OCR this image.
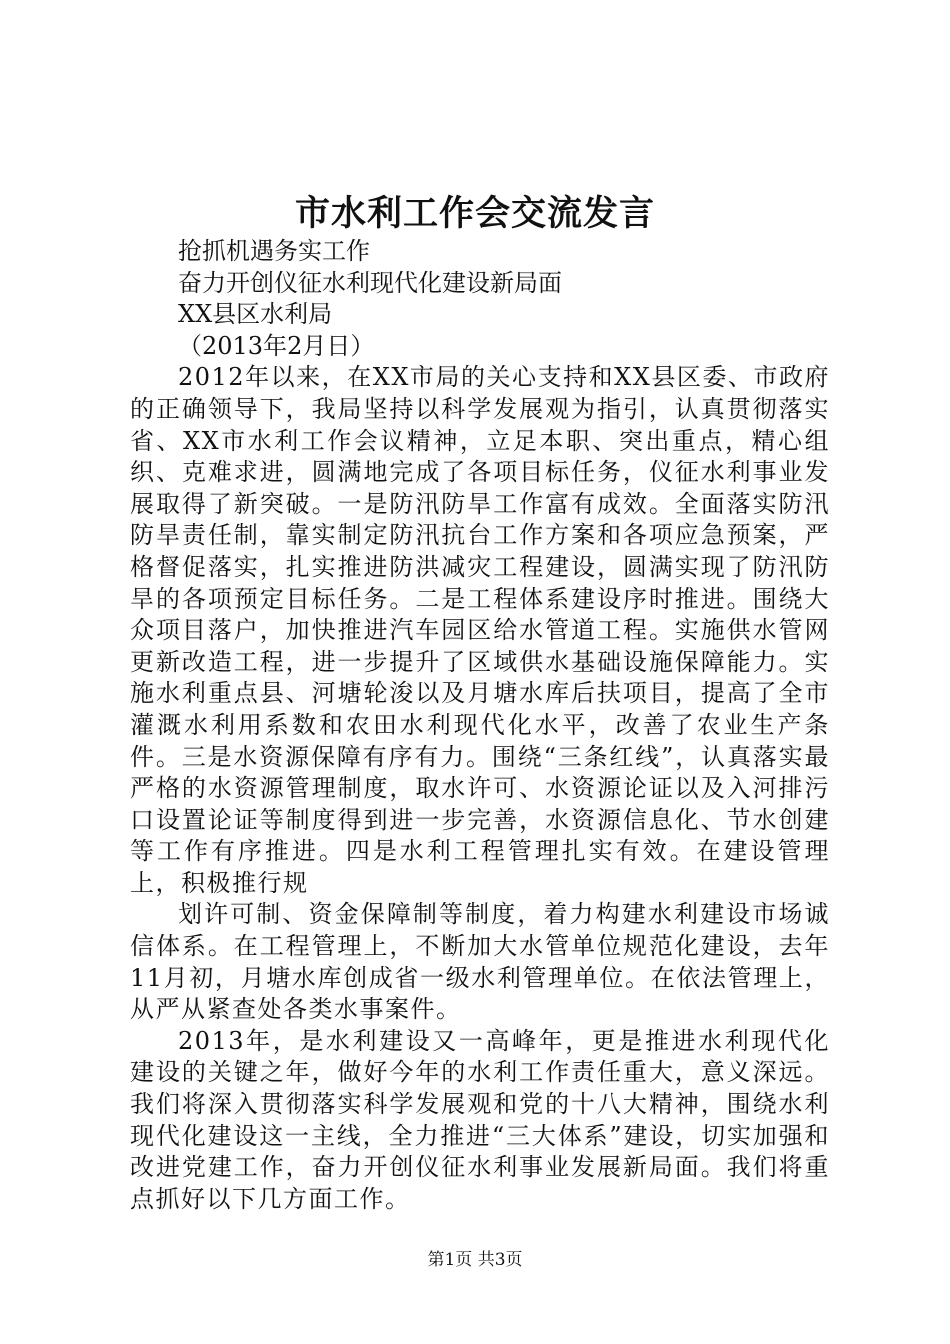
市水利工作会交流发言

抢抓机遇务实工作

奋力开创仪征水利现代化建设新局面

XX县区水利局

（2013年2月日）

2012年以来，在XX市局的关心支持和XX县区委、市政府的正确领导下，我局坚持以科学发展观为指引，认真贯彻落实省、XX市水利工作会议精神，立足本职、突出重点，精心组织、克难求进，圆满地完成了各项目标任务，仪征水利事业发展取得了新突破。一是防汛防旱工作富有成效。全面落实防汛防旱责任制，靠实制定防汛抗台工作方案和各项应急预案，严格督促落实，扎实推进防洪减灾工程建设，圆满实现了防汛防旱的各项预定目标任务。二是工程体系建设序时推进。围绕大众项目落户，加快推进汽车园区给水管道工程。实施供水管网更新改造工程，进一步提升了区域供水基础设施保障能力。实施水利重点县、河塘轮浚以及月塘水库后扶项目，提高了全市灌溉水利用系数和农田水利现代化水平，改善了农业生产条件。三是水资源保障有序有力。围绕“三条红线”，认真落实最严格的水资源管理制度，取水许可、水资源论证以及入河排污口设置论证等制度得到进一步完善，水资源信息化、节水创建等工作有序推进。四是水利工程管理扎实有效。在建设管理上，积极推行规

划许可制、资金保障制等制度，着力构建水利建设市场诚信体系。在工程管理上，不断加大水管单位规范化建设，去年11月初，月塘水库创成省一级水利管理单位。在依法管理上，从严从紧查处各类水事案件。

2013年，是水利建设又一高峰年，更是推进水利现代化建设的关键之年，做好今年的水利工作责任重大，意义深远。我们将深入贯彻落实科学发展观和党的十八大精神，围绕水利现代化建设这一主线，全力推进“三大体系”建设，切实加强和改进党建工作，奋力开创仪征水利事业发展新局面。我们将重点抓好以下几方面工作。

第1页 共3页
